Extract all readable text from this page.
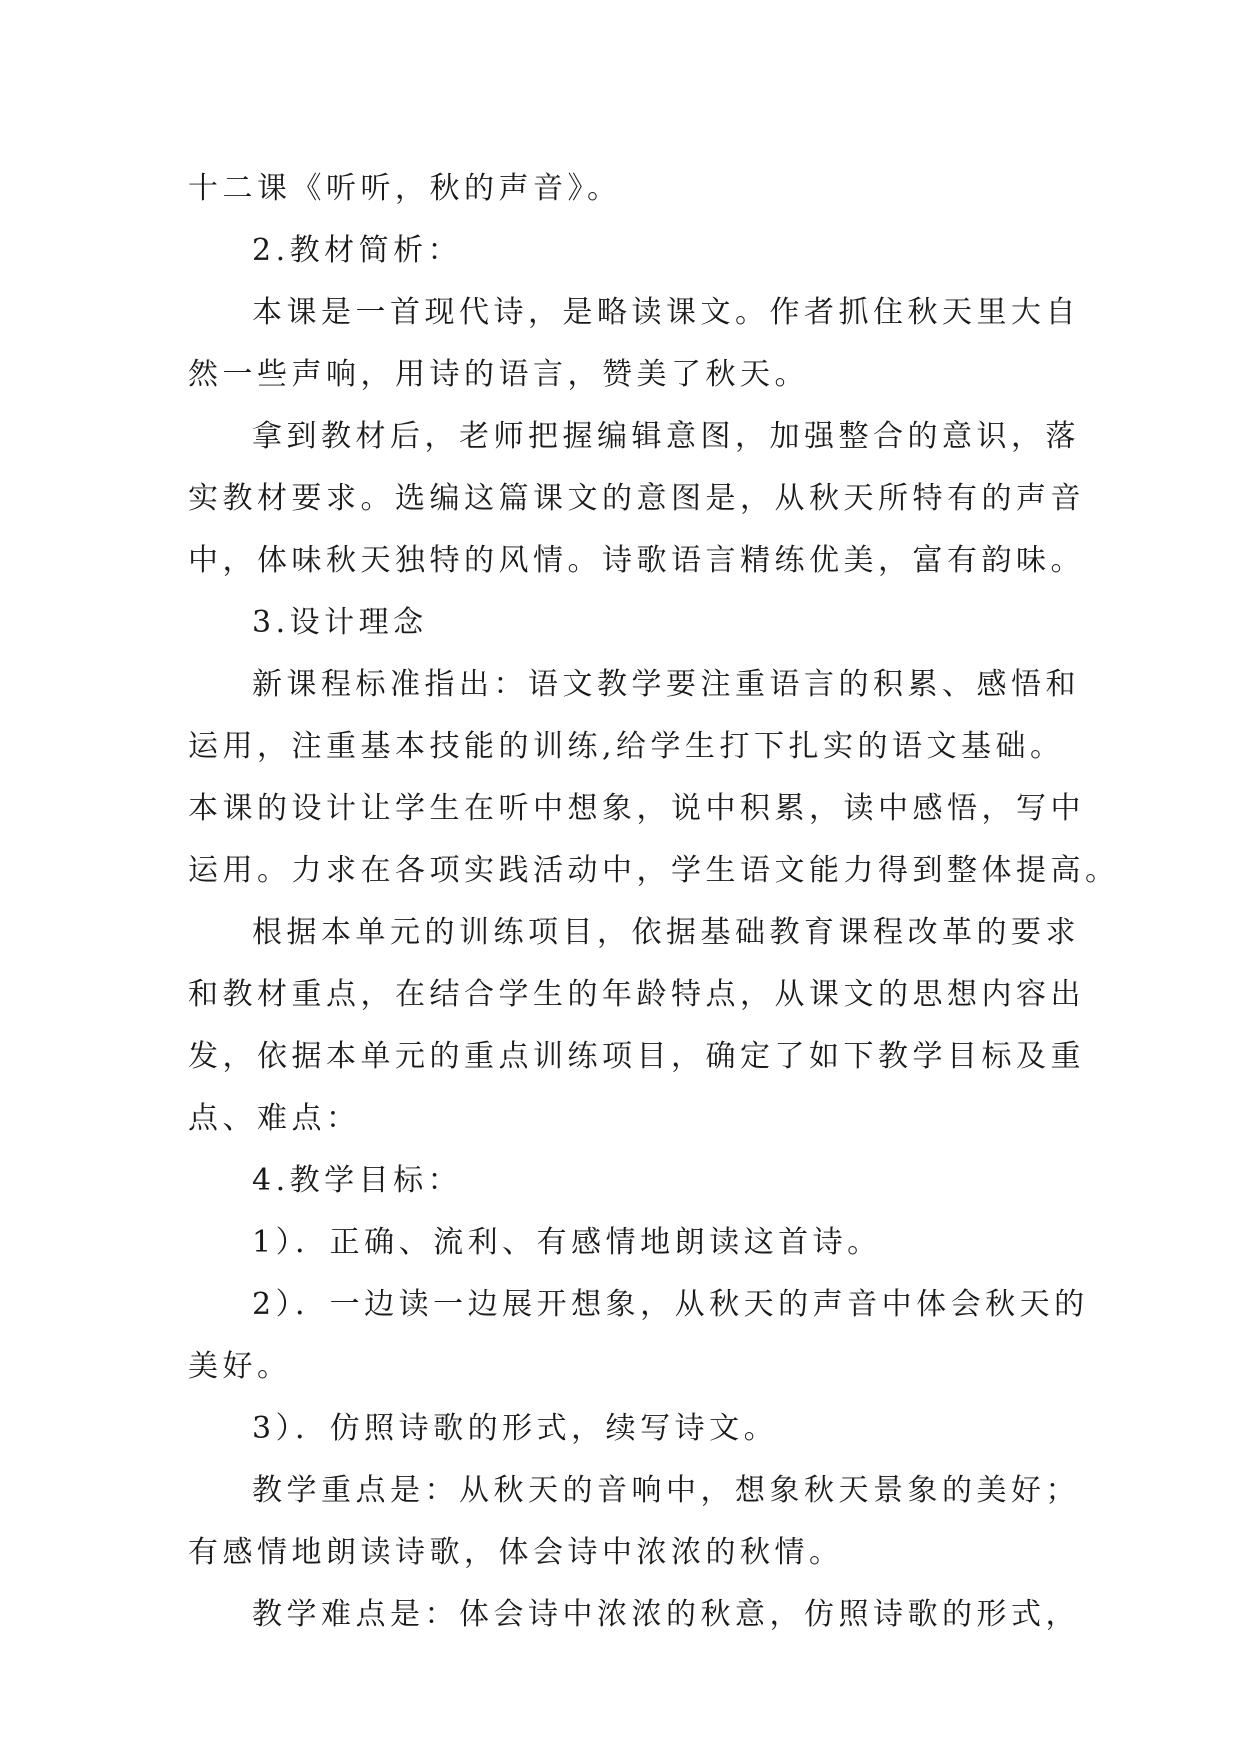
十二课《听听，秋的声音》。
2.教材简析：
本课是一首现代诗，是略读课文。作者抓住秋天里大自
然一些声响，用诗的语言，赞美了秋天。
拿到教材后，老师把握编辑意图，加强整合的意识，落
实教材要求。选编这篇课文的意图是，从秋天所特有的声音
中，体味秋天独特的风情。诗歌语言精练优美，富有韵味。
3.设计理念
新课程标准指出：语文教学要注重语言的积累、感悟和
运用，注重基本技能的训练,给学生打下扎实的语文基础。
本课的设计让学生在听中想象，说中积累，读中感悟，写中
运用。力求在各项实践活动中，学生语文能力得到整体提高。
根据本单元的训练项目，依据基础教育课程改革的要求
和教材重点，在结合学生的年龄特点，从课文的思想内容出
发，依据本单元的重点训练项目，确定了如下教学目标及重
点、难点：
4.教学目标：
1）．正确、流利、有感情地朗读这首诗。
2）．一边读一边展开想象，从秋天的声音中体会秋天的
美好。
3）．仿照诗歌的形式，续写诗文。
教学重点是：从秋天的音响中，想象秋天景象的美好；
有感情地朗读诗歌，体会诗中浓浓的秋情。
教学难点是：体会诗中浓浓的秋意，仿照诗歌的形式，
